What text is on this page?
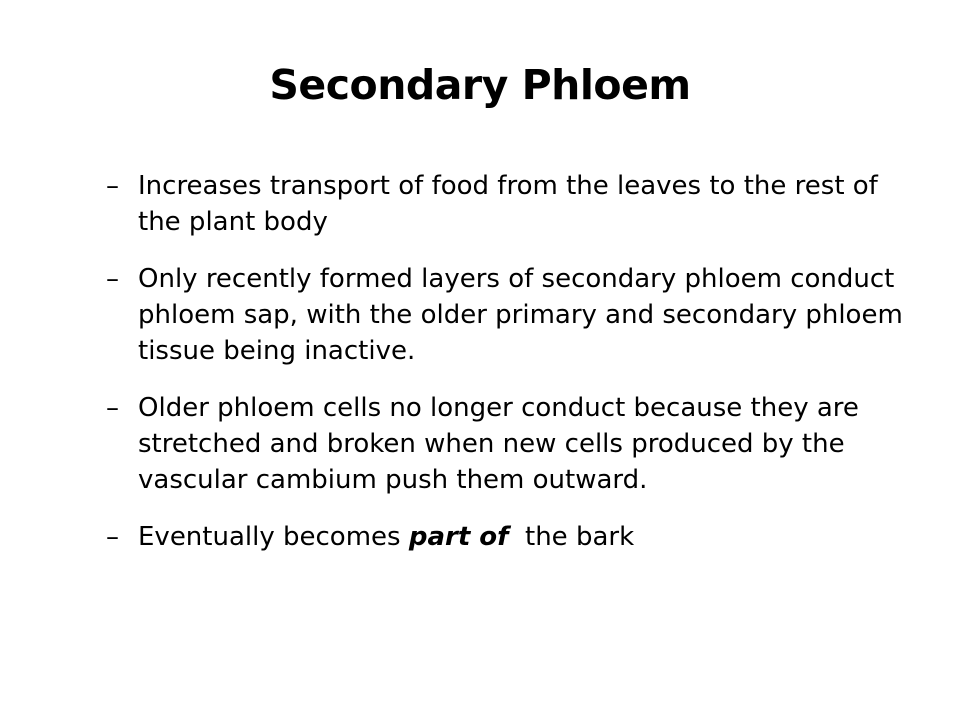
Secondary Phloem
– Increases transport of food from the leaves to the rest of the plant body
– Only recently formed layers of secondary phloem conduct phloem sap, with the older primary and secondary phloem tissue being inactive.
– Older phloem cells no longer conduct because they are stretched and broken when new cells produced by the vascular cambium push them outward.
– Eventually becomes part of  the bark
